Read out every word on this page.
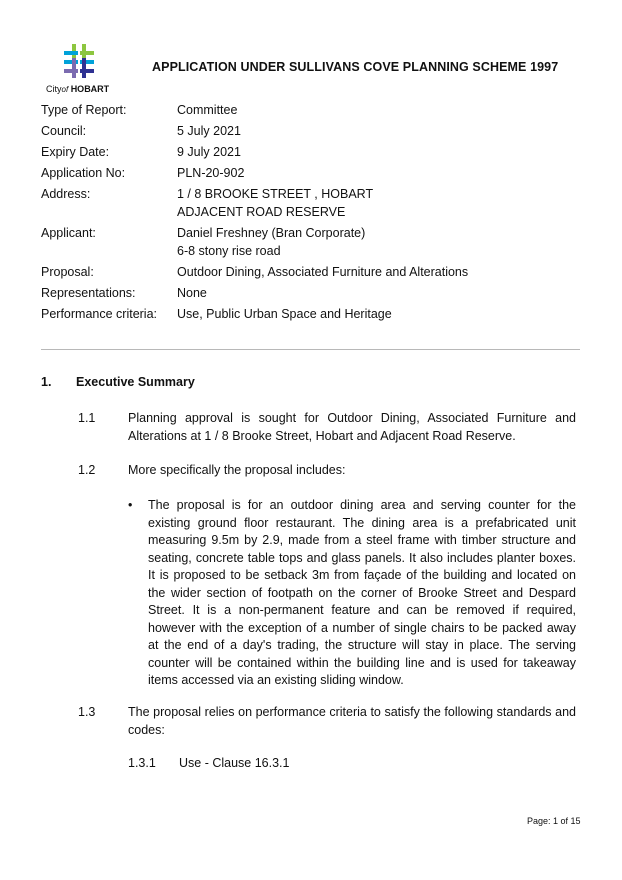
Cityof HOBART
APPLICATION UNDER SULLIVANS COVE PLANNING SCHEME 1997
Type of Report:	Committee
Council:	5 July 2021
Expiry Date:	9 July 2021
Application No:	PLN-20-902
Address:	1 / 8 BROOKE STREET , HOBART
ADJACENT ROAD RESERVE
Applicant:	Daniel Freshney (Bran Corporate)
6-8 stony rise road
Proposal:	Outdoor Dining, Associated Furniture and Alterations
Representations:	None
Performance criteria:	Use, Public Urban Space and Heritage
1. Executive Summary
1.1	Planning approval is sought for Outdoor Dining, Associated Furniture and Alterations at 1 / 8 Brooke Street, Hobart and Adjacent Road Reserve.
1.2	More specifically the proposal includes:
• The proposal is for an outdoor dining area and serving counter for the existing ground floor restaurant. The dining area is a prefabricated unit measuring 9.5m by 2.9, made from a steel frame with timber structure and seating, concrete table tops and glass panels. It also includes planter boxes. It is proposed to be setback 3m from façade of the building and located on the wider section of footpath on the corner of Brooke Street and Despard Street. It is a non-permanent feature and can be removed if required, however with the exception of a number of single chairs to be packed away at the end of a day's trading, the structure will stay in place. The serving counter will be contained within the building line and is used for takeaway items accessed via an existing sliding window.
1.3	The proposal relies on performance criteria to satisfy the following standards and codes:
1.3.1 Use - Clause 16.3.1
Page: 1 of 15
